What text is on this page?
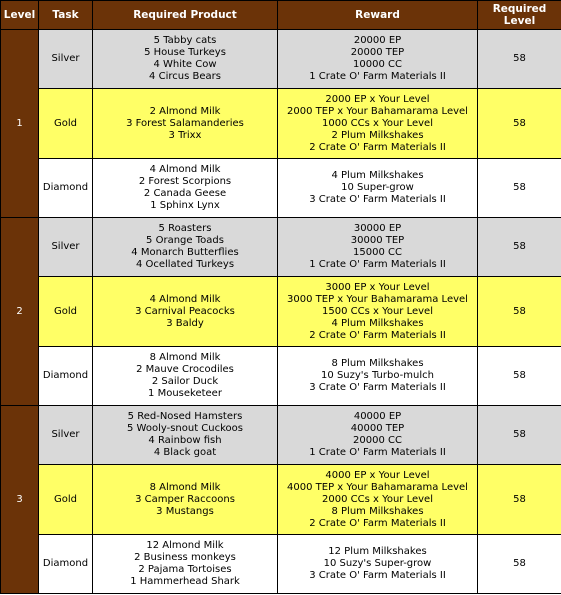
Level	Task	Required Product	Reward	Required Level
1	Silver	5 Tabby cats
5 House Turkeys
4 White Cow
4 Circus Bears	20000 EP
20000 TEP
10000 CC
1 Crate O' Farm Materials II	58
	Gold	2 Almond Milk
3 Forest Salamanderies
3 Trixx	2000 EP x Your Level
2000 TEP x Your Bahamarama Level
1000 CCs x Your Level
2 Plum Milkshakes
2 Crate O' Farm Materials II	58
	Diamond	4 Almond Milk
2 Forest Scorpions
2 Canada Geese
1 Sphinx Lynx	4 Plum Milkshakes
10 Super-grow
3 Crate O' Farm Materials II	58
2	Silver	5 Roasters
5 Orange Toads
4 Monarch Butterflies
4 Ocellated Turkeys	30000 EP
30000 TEP
15000 CC
1 Crate O' Farm Materials II	58
	Gold	4 Almond Milk
3 Carnival Peacocks
3 Baldy	3000 EP x Your Level
3000 TEP x Your Bahamarama Level
1500 CCs x Your Level
4 Plum Milkshakes
2 Crate O' Farm Materials II	58
	Diamond	8 Almond Milk
2 Mauve Crocodiles
2 Sailor Duck
1 Mouseketeer	8 Plum Milkshakes
10 Suzy's Turbo-mulch
3 Crate O' Farm Materials II	58
3	Silver	5 Red-Nosed Hamsters
5 Wooly-snout Cuckoos
4 Rainbow fish
4 Black goat	40000 EP
40000 TEP
20000 CC
1 Crate O' Farm Materials II	58
	Gold	8 Almond Milk
3 Camper Raccoons
3 Mustangs	4000 EP x Your Level
4000 TEP x Your Bahamarama Level
2000 CCs x Your Level
8 Plum Milkshakes
2 Crate O' Farm Materials II	58
	Diamond	12 Almond Milk
2 Business monkeys
2 Pajama Tortoises
1 Hammerhead Shark	12 Plum Milkshakes
10 Suzy's Super-grow
3 Crate O' Farm Materials II	58
